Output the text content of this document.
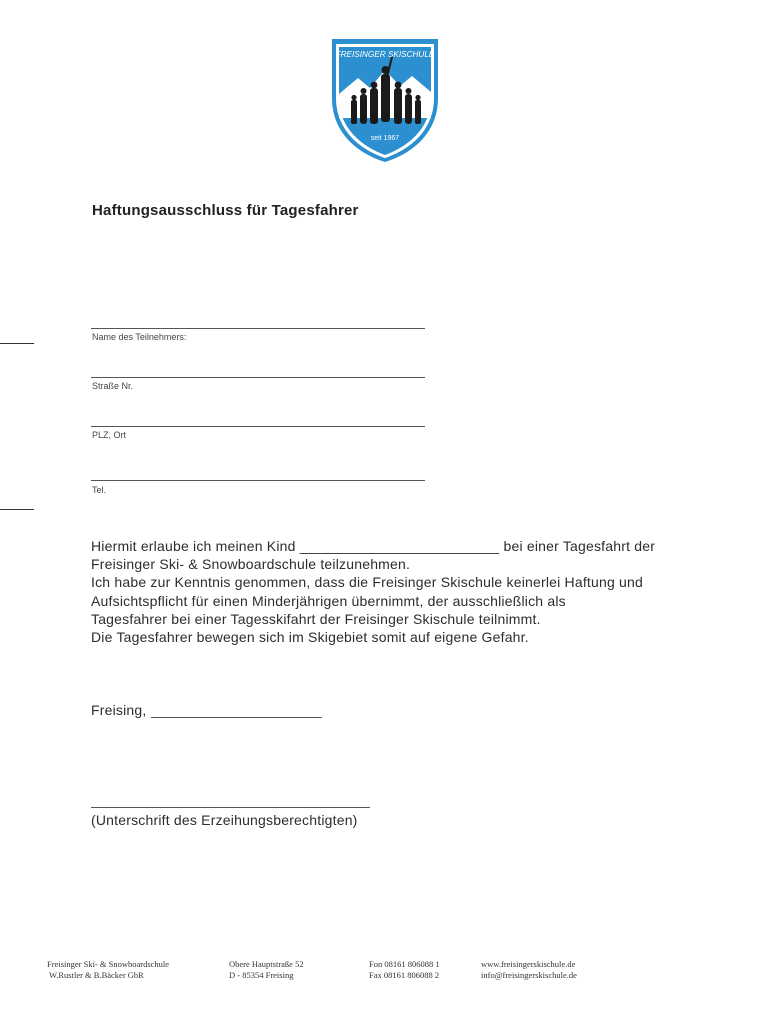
FREISINGER SKISCHULE
seit 1967
Haftungsausschluss für Tagesfahrer
Name des Teilnehmers:
Straße Nr.
PLZ, Ort
Tel.
Hiermit erlaube ich meinen Kind _________________________ bei einer Tagesfahrt der
Freisinger Ski- & Snowboardschule teilzunehmen.
Ich habe zur Kenntnis genommen, dass die Freisinger Skischule keinerlei Haftung und
Aufsichtspflicht für einen Minderjährigen übernimmt, der ausschließlich als
Tagesfahrer bei einer Tagesskifahrt der Freisinger Skischule teilnimmt.
Die Tagesfahrer bewegen sich im Skigebiet somit auf eigene Gefahr.
Freising,
(Unterschrift des Erzeihungsberechtigten)
Freisinger Ski- & Snowboardschule
W.Rustler & B.Bäcker GbR
Obere Hauptstraße 52
D - 85354 Freising
Fon 08161 806088 1
Fax 08161 806088 2
www.freisingerskischule.de
info@freisingerskischule.de
